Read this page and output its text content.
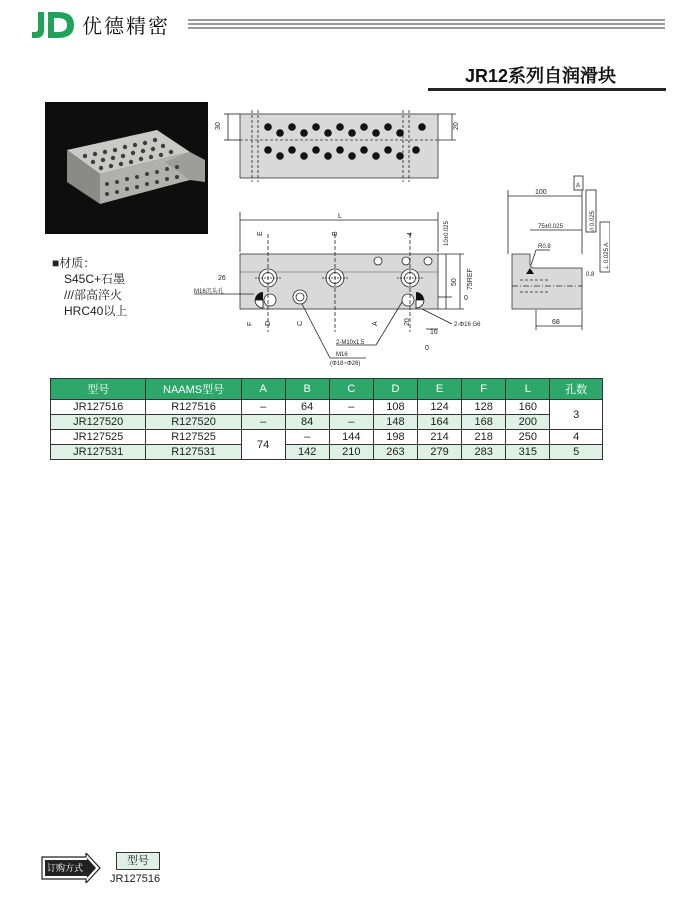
优德精密
JR12系列自润滑块
■材质：
S45C+石墨
///部高淬火
HRC40以上
30	20
L
E	B	4	10±0.025
26
M16沉头孔
F D	C	A	20
50 75REF
0
16
0
2-M10x1.5
2-Φ16 G6
M16
(Φ18~Φ26)
100
A
75±0.025	// 0.025
⊥ 0.025 A
R0.8
0.8
68
型号	NAAMS型号	A	B	C	D	E	F	L	孔数
JR127516	R127516	–	64	–	108	124	128	160	3
JR127520	R127520	–	84	–	148	164	168	200	
JR127525	R127525	74	–	144	198	214	218	250	4
JR127531	R127531		142	210	263	279	283	315	5
订购方式
型号
JR127516
